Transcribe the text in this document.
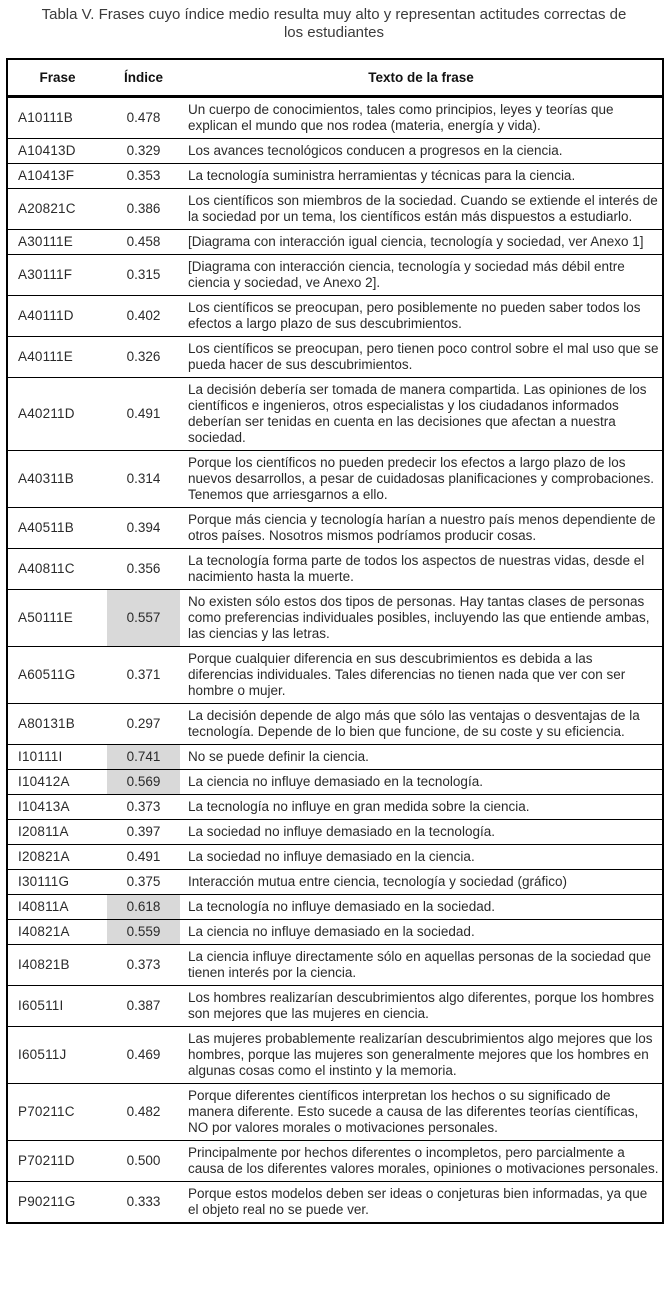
Tabla V. Frases cuyo índice medio resulta muy alto y representan actitudes correctas de los estudiantes
Frase	Índice	Texto de la frase
A10111B	0.478	Un cuerpo de conocimientos, tales como principios, leyes y teorías que explican el mundo que nos rodea (materia, energía y vida).
A10413D	0.329	Los avances tecnológicos conducen a progresos en la ciencia.
A10413F	0.353	La tecnología suministra herramientas y técnicas para la ciencia.
A20821C	0.386	Los científicos son miembros de la sociedad. Cuando se extiende el interés de la sociedad por un tema, los científicos están más dispuestos a estudiarlo.
A30111E	0.458	[Diagrama con interacción igual ciencia, tecnología y sociedad, ver Anexo 1]
A30111F	0.315	[Diagrama con interacción ciencia, tecnología y sociedad más débil entre ciencia y sociedad, ve Anexo 2].
A40111D	0.402	Los científicos se preocupan, pero posiblemente no pueden saber todos los efectos a largo plazo de sus descubrimientos.
A40111E	0.326	Los científicos se preocupan, pero tienen poco control sobre el mal uso que se pueda hacer de sus descubrimientos.
A40211D	0.491	La decisión debería ser tomada de manera compartida. Las opiniones de los científicos e ingenieros, otros especialistas y los ciudadanos informados deberían ser tenidas en cuenta en las decisiones que afectan a nuestra sociedad.
A40311B	0.314	Porque los científicos no pueden predecir los efectos a largo plazo de los nuevos desarrollos, a pesar de cuidadosas planificaciones y comprobaciones. Tenemos que arriesgarnos a ello.
A40511B	0.394	Porque más ciencia y tecnología harían a nuestro país menos dependiente de otros países. Nosotros mismos podríamos producir cosas.
A40811C	0.356	La tecnología forma parte de todos los aspectos de nuestras vidas, desde el nacimiento hasta la muerte.
A50111E	0.557	No existen sólo estos dos tipos de personas. Hay tantas clases de personas como preferencias individuales posibles, incluyendo las que entiende ambas, las ciencias y las letras.
A60511G	0.371	Porque cualquier diferencia en sus descubrimientos es debida a las diferencias individuales. Tales diferencias no tienen nada que ver con ser hombre o mujer.
A80131B	0.297	La decisión depende de algo más que sólo las ventajas o desventajas de la tecnología. Depende de lo bien que funcione, de su coste y su eficiencia.
I10111I	0.741	No se puede definir la ciencia.
I10412A	0.569	La ciencia no influye demasiado en la tecnología.
I10413A	0.373	La tecnología no influye en gran medida sobre la ciencia.
I20811A	0.397	La sociedad no influye demasiado en la tecnología.
I20821A	0.491	La sociedad no influye demasiado en la ciencia.
I30111G	0.375	Interacción mutua entre ciencia, tecnología y sociedad (gráfico)
I40811A	0.618	La tecnología no influye demasiado en la sociedad.
I40821A	0.559	La ciencia no influye demasiado en la sociedad.
I40821B	0.373	La ciencia influye directamente sólo en aquellas personas de la sociedad que tienen interés por la ciencia.
I60511I	0.387	Los hombres realizarían descubrimientos algo diferentes, porque los hombres son mejores que las mujeres en ciencia.
I60511J	0.469	Las mujeres probablemente realizarían descubrimientos algo mejores que los hombres, porque las mujeres son generalmente mejores que los hombres en algunas cosas como el instinto y la memoria.
P70211C	0.482	Porque diferentes científicos interpretan los hechos o su significado de manera diferente. Esto sucede a causa de las diferentes teorías científicas, NO por valores morales o motivaciones personales.
P70211D	0.500	Principalmente por hechos diferentes o incompletos, pero parcialmente a causa de los diferentes valores morales, opiniones o motivaciones personales.
P90211G	0.333	Porque estos modelos deben ser ideas o conjeturas bien informadas, ya que el objeto real no se puede ver.
